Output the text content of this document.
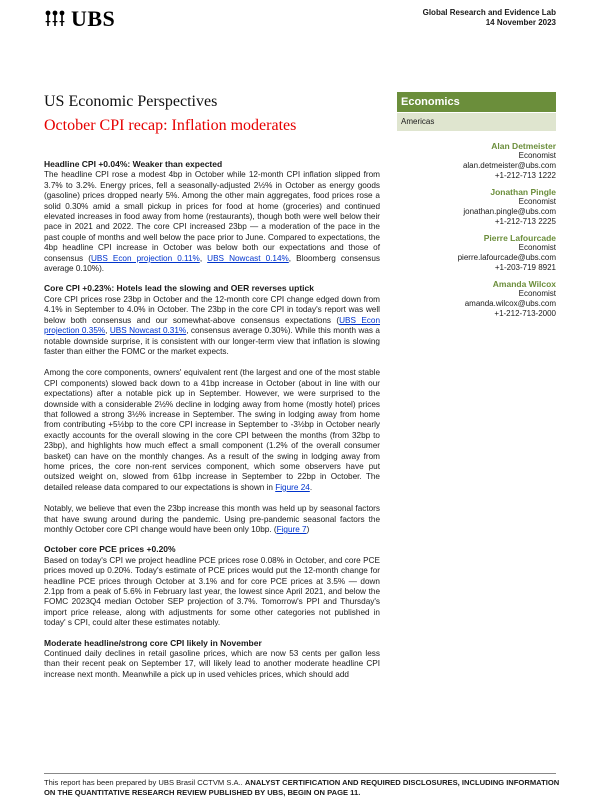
UBS	Global Research and Evidence Lab
14 November 2023
US Economic Perspectives
October CPI recap: Inflation moderates
Economics
Americas
Alan Detmeister
Economist
alan.detmeister@ubs.com
+1-212-713 1222
Jonathan Pingle
Economist
jonathan.pingle@ubs.com
+1-212-713 2225
Pierre Lafourcade
Economist
pierre.lafourcade@ubs.com
+1-203-719 8921
Amanda Wilcox
Economist
amanda.wilcox@ubs.com
+1-212-713-2000
Headline CPI +0.04%: Weaker than expected

The headline CPI rose a modest 4bp in October while 12-month CPI inflation slipped from 3.7% to 3.2%. Energy prices, fell a seasonally-adjusted 2½% in October as energy goods (gasoline) prices dropped nearly 5%. Among the other main aggregates, food prices rose a solid 0.30% amid a small pickup in prices for food at home (groceries) and continued elevated increases in food away from home (restaurants), though both were well below their pace in 2021 and 2022. The core CPI increased 23bp — a moderation of the pace in the past couple of months and well below the pace prior to June. Compared to expectations, the 4bp headline CPI increase in October was below both our expectations and those of consensus (UBS Econ projection 0.11%, UBS Nowcast 0.14%, Bloomberg consensus average 0.10%).

Core CPI +0.23%: Hotels lead the slowing and OER reverses uptick

Core CPI prices rose 23bp in October and the 12-month core CPI change edged down from 4.1% in September to 4.0% in October. The 23bp in the core CPI in today's report was well below both consensus and our somewhat-above consensus expectations (UBS Econ projection 0.35%, UBS Nowcast 0.31%, consensus average 0.30%). While this month was a notable downside surprise, it is consistent with our longer-term view that inflation is slowing faster than either the FOMC or the market expects.

Among the core components, owners' equivalent rent (the largest and one of the most stable CPI components) slowed back down to a 41bp increase in October (about in line with our expectations) after a notable pick up in September. However, we were surprised to the downside with a considerable 2½% decline in lodging away from home (mostly hotel) prices that followed a strong 3½% increase in September. The swing in lodging away from home from contributing +5½bp to the core CPI increase in September to -3½bp in October nearly exactly accounts for the overall slowing in the core CPI between the months (from 32bp to 23bp), and highlights how much effect a small component (1.2% of the overall consumer basket) can have on the monthly changes. As a result of the swing in lodging away from home prices, the core non-rent services component, which some observers have put outsized weight on, slowed from 61bp increase in September to 22bp in October. The detailed release data compared to our expectations is shown in Figure 24.

Notably, we believe that even the 23bp increase this month was held up by seasonal factors that have swung around during the pandemic. Using pre-pandemic seasonal factors the monthly October core CPI change would have been only 10bp. (Figure 7)

October core PCE prices +0.20%

Based on today's CPI we project headline PCE prices rose 0.08% in October, and core PCE prices moved up 0.20%. Today's estimate of PCE prices would put the 12-month change for headline PCE prices through October at 3.1% and for core PCE prices at 3.5% — down 2.1pp from a peak of 5.6% in February last year, the lowest since April 2021, and below the FOMC 2023Q4 median October SEP projection of 3.7%. Tomorrow's PPI and Thursday's import price release, along with adjustments for some other categories not published in today' s CPI, could alter these estimates notably.

Moderate headline/strong core CPI likely in November

Continued daily declines in retail gasoline prices, which are now 53 cents per gallon less than their recent peak on September 17, will likely lead to another moderate headline CPI increase next month. Meanwhile a pick up in used vehicles prices, which should add

This report has been prepared by UBS Brasil CCTVM S.A.. ANALYST CERTIFICATION AND REQUIRED DISCLOSURES, INCLUDING INFORMATION ON THE QUANTITATIVE RESEARCH REVIEW PUBLISHED BY UBS, BEGIN ON PAGE 11.
